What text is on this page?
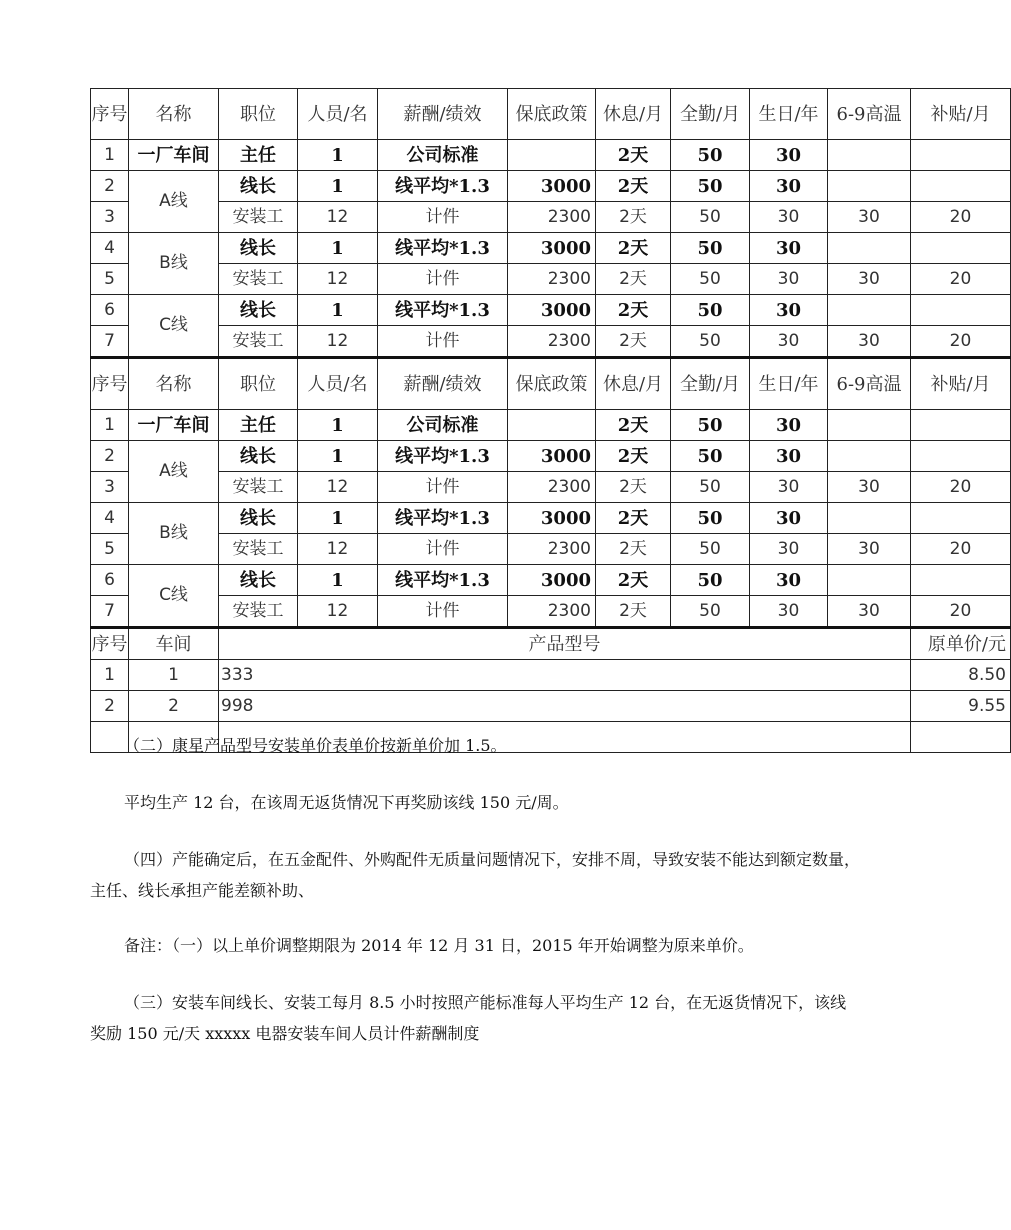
序号	名称	职位	人员/名	薪酬/绩效	保底政策	休息/月	全勤/月	生日/年	6-9高温	补贴/月
1	一厂车间	主任	1	公司标准		2天	50	30		
2	A线	线长	1	线平均*1.3	3000	2天	50	30		
3		安装工	12	计件	2300	2天	50	30	30	20
4	B线	线长	1	线平均*1.3	3000	2天	50	30		
5		安装工	12	计件	2300	2天	50	30	30	20
6	C线	线长	1	线平均*1.3	3000	2天	50	30		
7		安装工	12	计件	2300	2天	50	30	30	20
序号	名称	职位	人员/名	薪酬/绩效	保底政策	休息/月	全勤/月	生日/年	6-9高温	补贴/月
1	一厂车间	主任	1	公司标准		2天	50	30		
2	A线	线长	1	线平均*1.3	3000	2天	50	30		
3		安装工	12	计件	2300	2天	50	30	30	20
4	B线	线长	1	线平均*1.3	3000	2天	50	30		
5		安装工	12	计件	2300	2天	50	30	30	20
6	C线	线长	1	线平均*1.3	3000	2天	50	30		
7		安装工	12	计件	2300	2天	50	30	30	20
序号	车间	产品型号								原单价/元
1	1	333								8.50
2	2	998								9.55

（二）康星产品型号安装单价表单价按新单价加 1.5。

平均生产 12 台，在该周无返货情况下再奖励该线 150 元/周。

（四）产能确定后，在五金配件、外购配件无质量问题情况下，安排不周，导致安装不能达到额定数量，主任、线长承担产能差额补助、

备注：（一）以上单价调整期限为 2014 年 12 月 31 日，2015 年开始调整为原来单价。

（三）安装车间线长、安装工每月 8.5 小时按照产能标准每人平均生产 12 台，在无返货情况下，该线奖励 150 元/天 xxxxx 电器安装车间人员计件薪酬制度
